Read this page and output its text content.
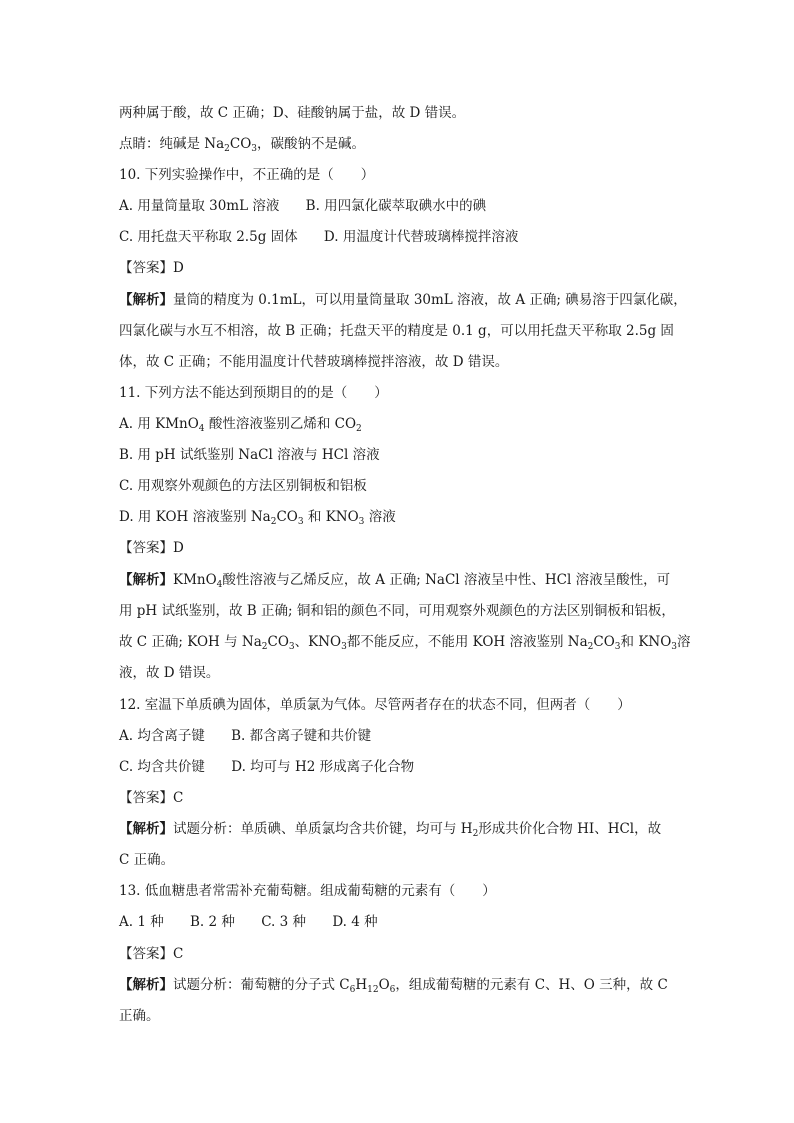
两种属于酸，故 C 正确；D、硅酸钠属于盐，故 D 错误。
点睛：纯碱是 $Na_2CO_3$，碳酸钠不是碱。
10. 下列实验操作中，不正确的是（　　）
A. 用量筒量取 30mL 溶液 B. 用四氯化碳萃取碘水中的碘
C. 用托盘天平称取 2.5g 固体 D. 用温度计代替玻璃棒搅拌溶液
【答案】D
【解析】量筒的精度为 0.1mL，可以用量筒量取 30mL 溶液，故 A 正确; 碘易溶于四氯化碳，
四氯化碳与水互不相溶，故 B 正确；托盘天平的精度是 0.1 g，可以用托盘天平称取 2.5g 固
体，故 C 正确；不能用温度计代替玻璃棒搅拌溶液，故 D 错误。
11. 下列方法不能达到预期目的的是（　　）
A. 用 KMnO$_4$ 酸性溶液鉴别乙烯和 $CO_2$
B. 用 pH 试纸鉴别 NaCl 溶液与 HCl 溶液
C. 用观察外观颜色的方法区别铜板和铝板
D. 用 KOH 溶液鉴别 $Na_2CO_3$ 和 $KNO_3$ 溶液
【答案】D
【解析】KMnO$_4$酸性溶液与乙烯反应，故 A 正确; NaCl 溶液呈中性、HCl 溶液呈酸性，可
用 pH 试纸鉴别，故 B 正确; 铜和铝的颜色不同，可用观察外观颜色的方法区别铜板和铝板，
故 C 正确; KOH 与 $Na_2CO_3$、$KNO_3$都不能反应，不能用 KOH 溶液鉴别 $Na_2CO_3$和 $KNO_3$溶
液，故 D 错误。
12. 室温下单质碘为固体，单质氯为气体。尽管两者存在的状态不同，但两者（　　）
A. 均含离子键 B. 都含离子键和共价键
C. 均含共价键 D. 均可与 H2 形成离子化合物
【答案】C
【解析】试题分析：单质碘、单质氯均含共价键，均可与 $H_2$形成共价化合物 HI、HCl，故
C 正确。
13. 低血糖患者常需补充葡萄糖。组成葡萄糖的元素有（　　）
A. 1 种 B. 2 种 C. 3 种 D. 4 种
【答案】C
【解析】试题分析：葡萄糖的分子式 $C_6H_{12}O_6$，组成葡萄糖的元素有 C、H、O 三种，故 C
正确。
